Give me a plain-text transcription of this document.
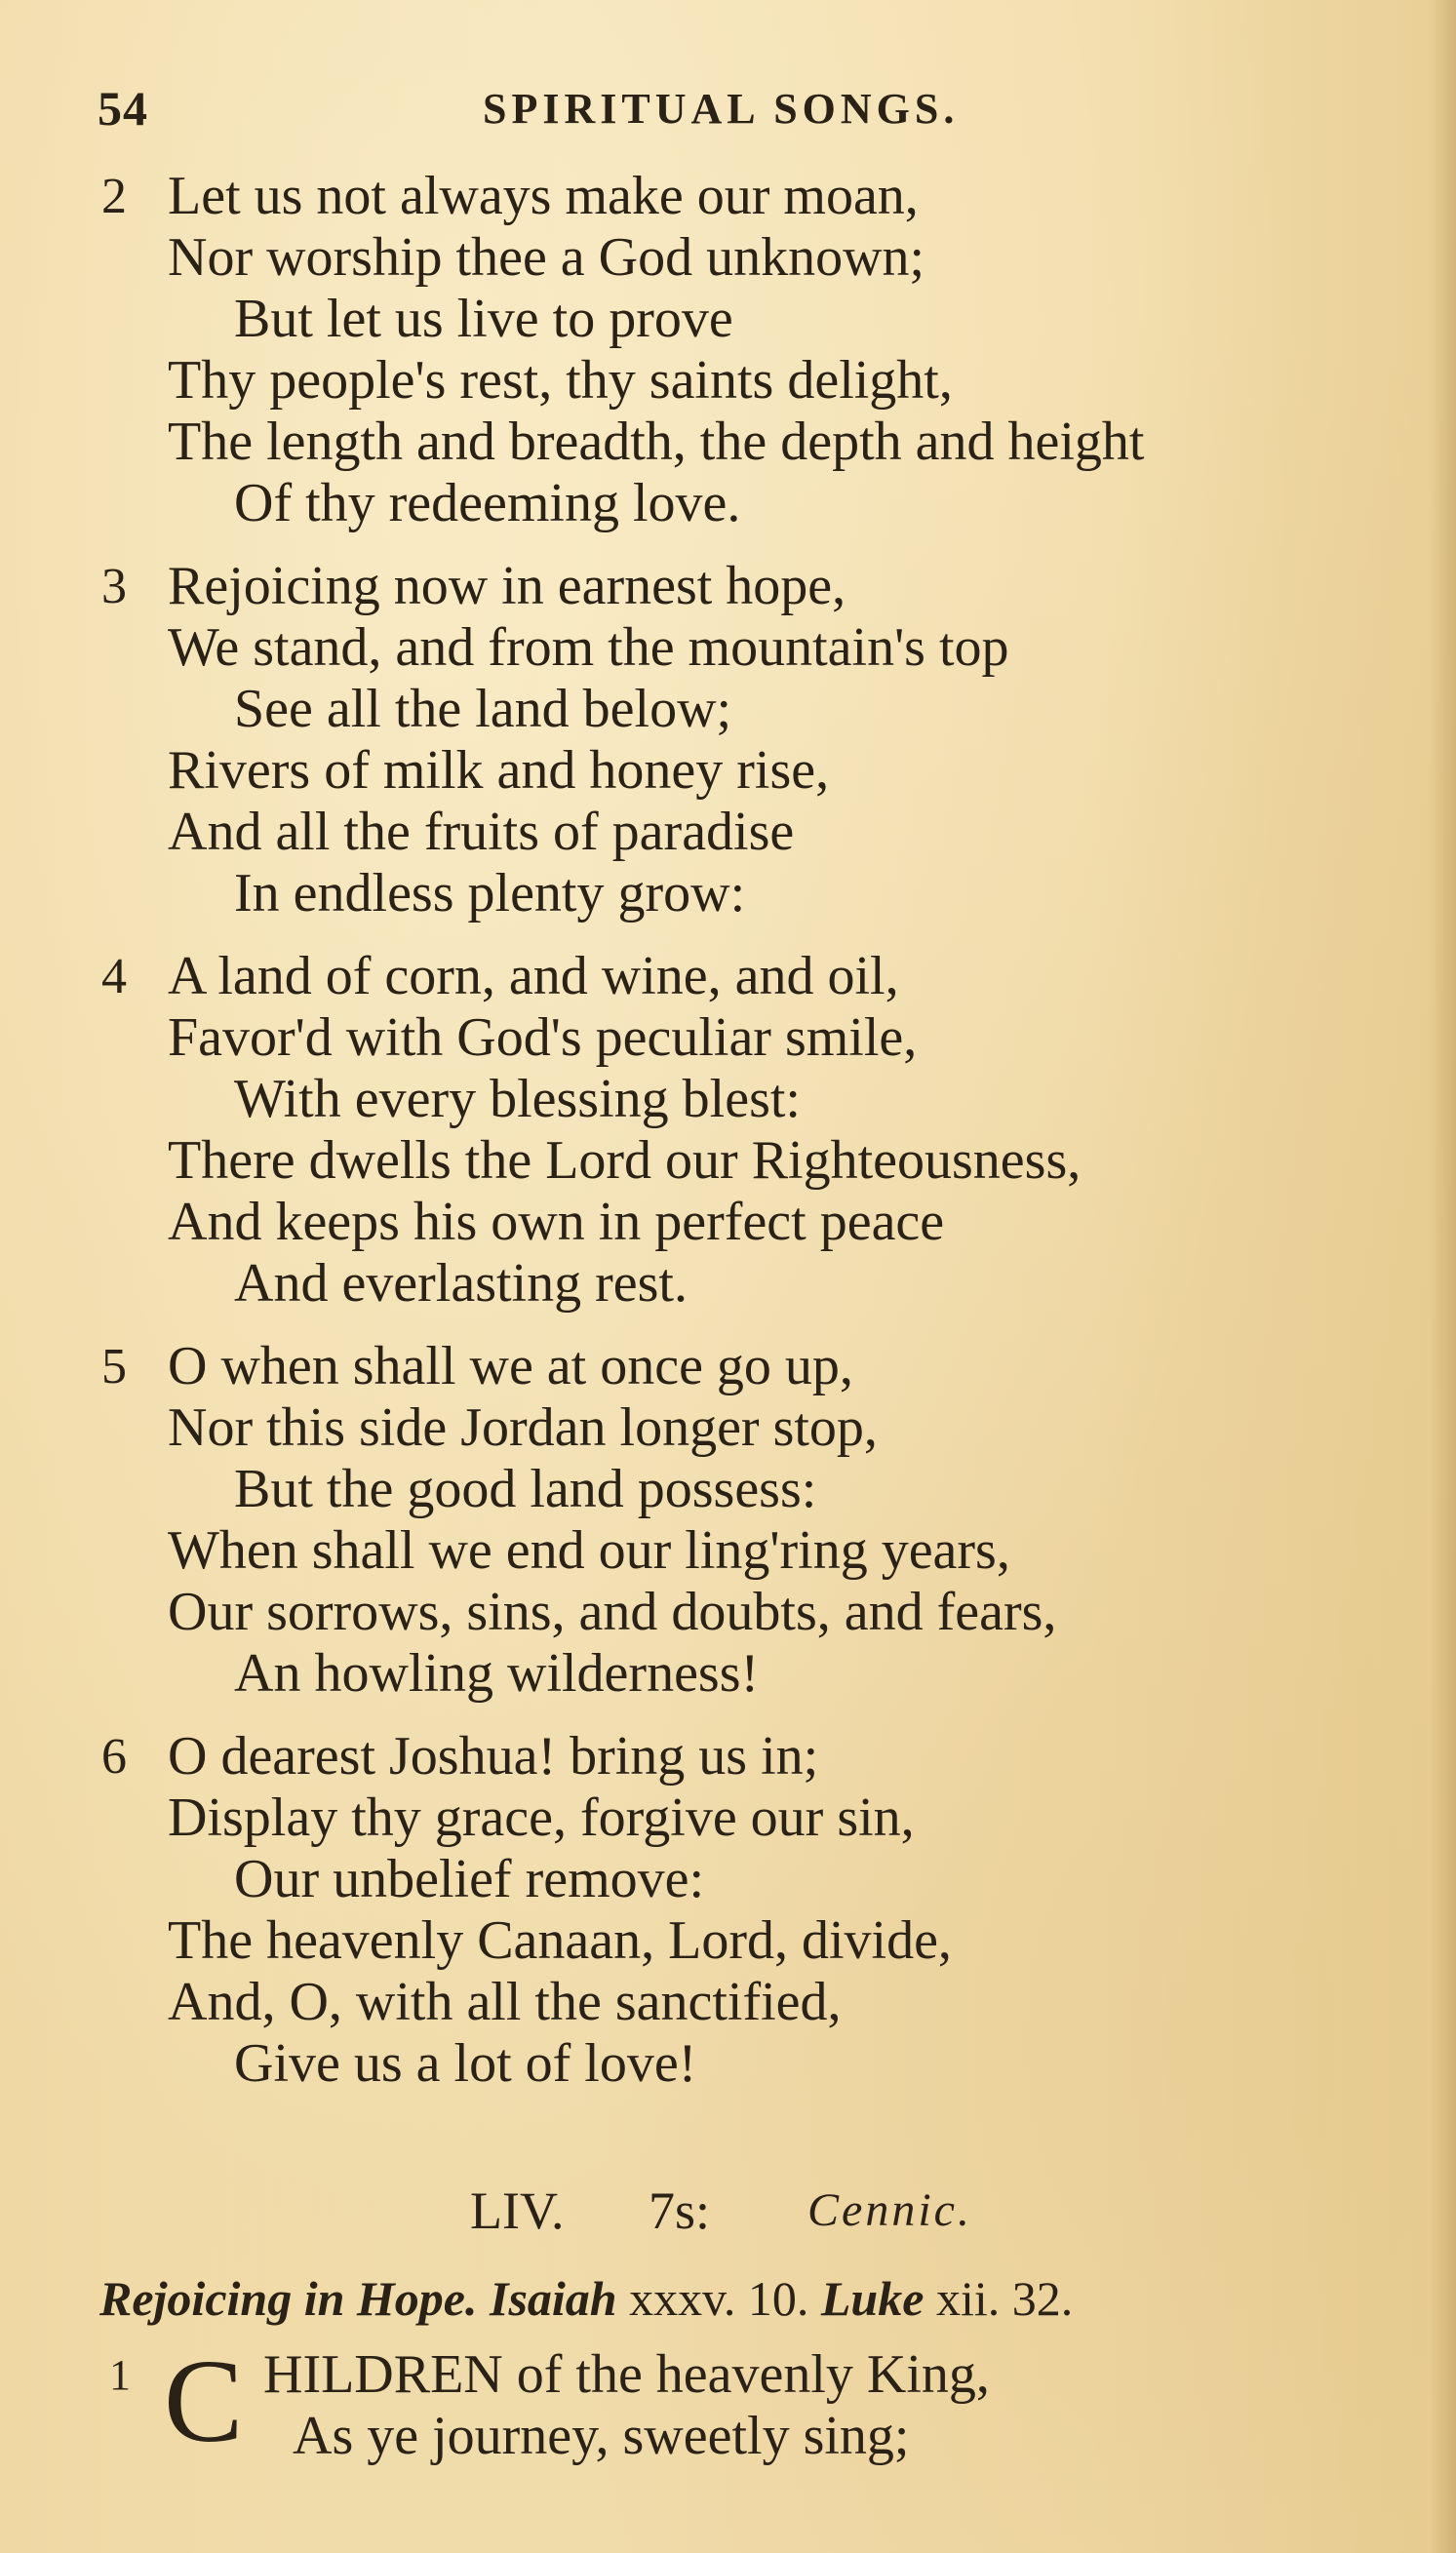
54	SPIRITUAL SONGS.
2 Let us not always make our moan,
Nor worship thee a God unknown;
But let us live to prove
Thy people's rest, thy saints delight,
The length and breadth, the depth and height
Of thy redeeming love.
3 Rejoicing now in earnest hope,
We stand, and from the mountain's top
See all the land below;
Rivers of milk and honey rise,
And all the fruits of paradise
In endless plenty grow:
4 A land of corn, and wine, and oil,
Favor'd with God's peculiar smile,
With every blessing blest:
There dwells the Lord our Righteousness,
And keeps his own in perfect peace
And everlasting rest.
5 O when shall we at once go up,
Nor this side Jordan longer stop,
But the good land possess:
When shall we end our ling'ring years,
Our sorrows, sins, and doubts, and fears,
An howling wilderness!
6 O dearest Joshua! bring us in;
Display thy grace, forgive our sin,
Our unbelief remove:
The heavenly Canaan, Lord, divide,
And, O, with all the sanctified,
Give us a lot of love!
LIV. 7s: Cennic.
Rejoicing in Hope. Isaiah xxxv. 10. Luke xii. 32.
1 C HILDREN of the heavenly King,
As ye journey, sweetly sing;
